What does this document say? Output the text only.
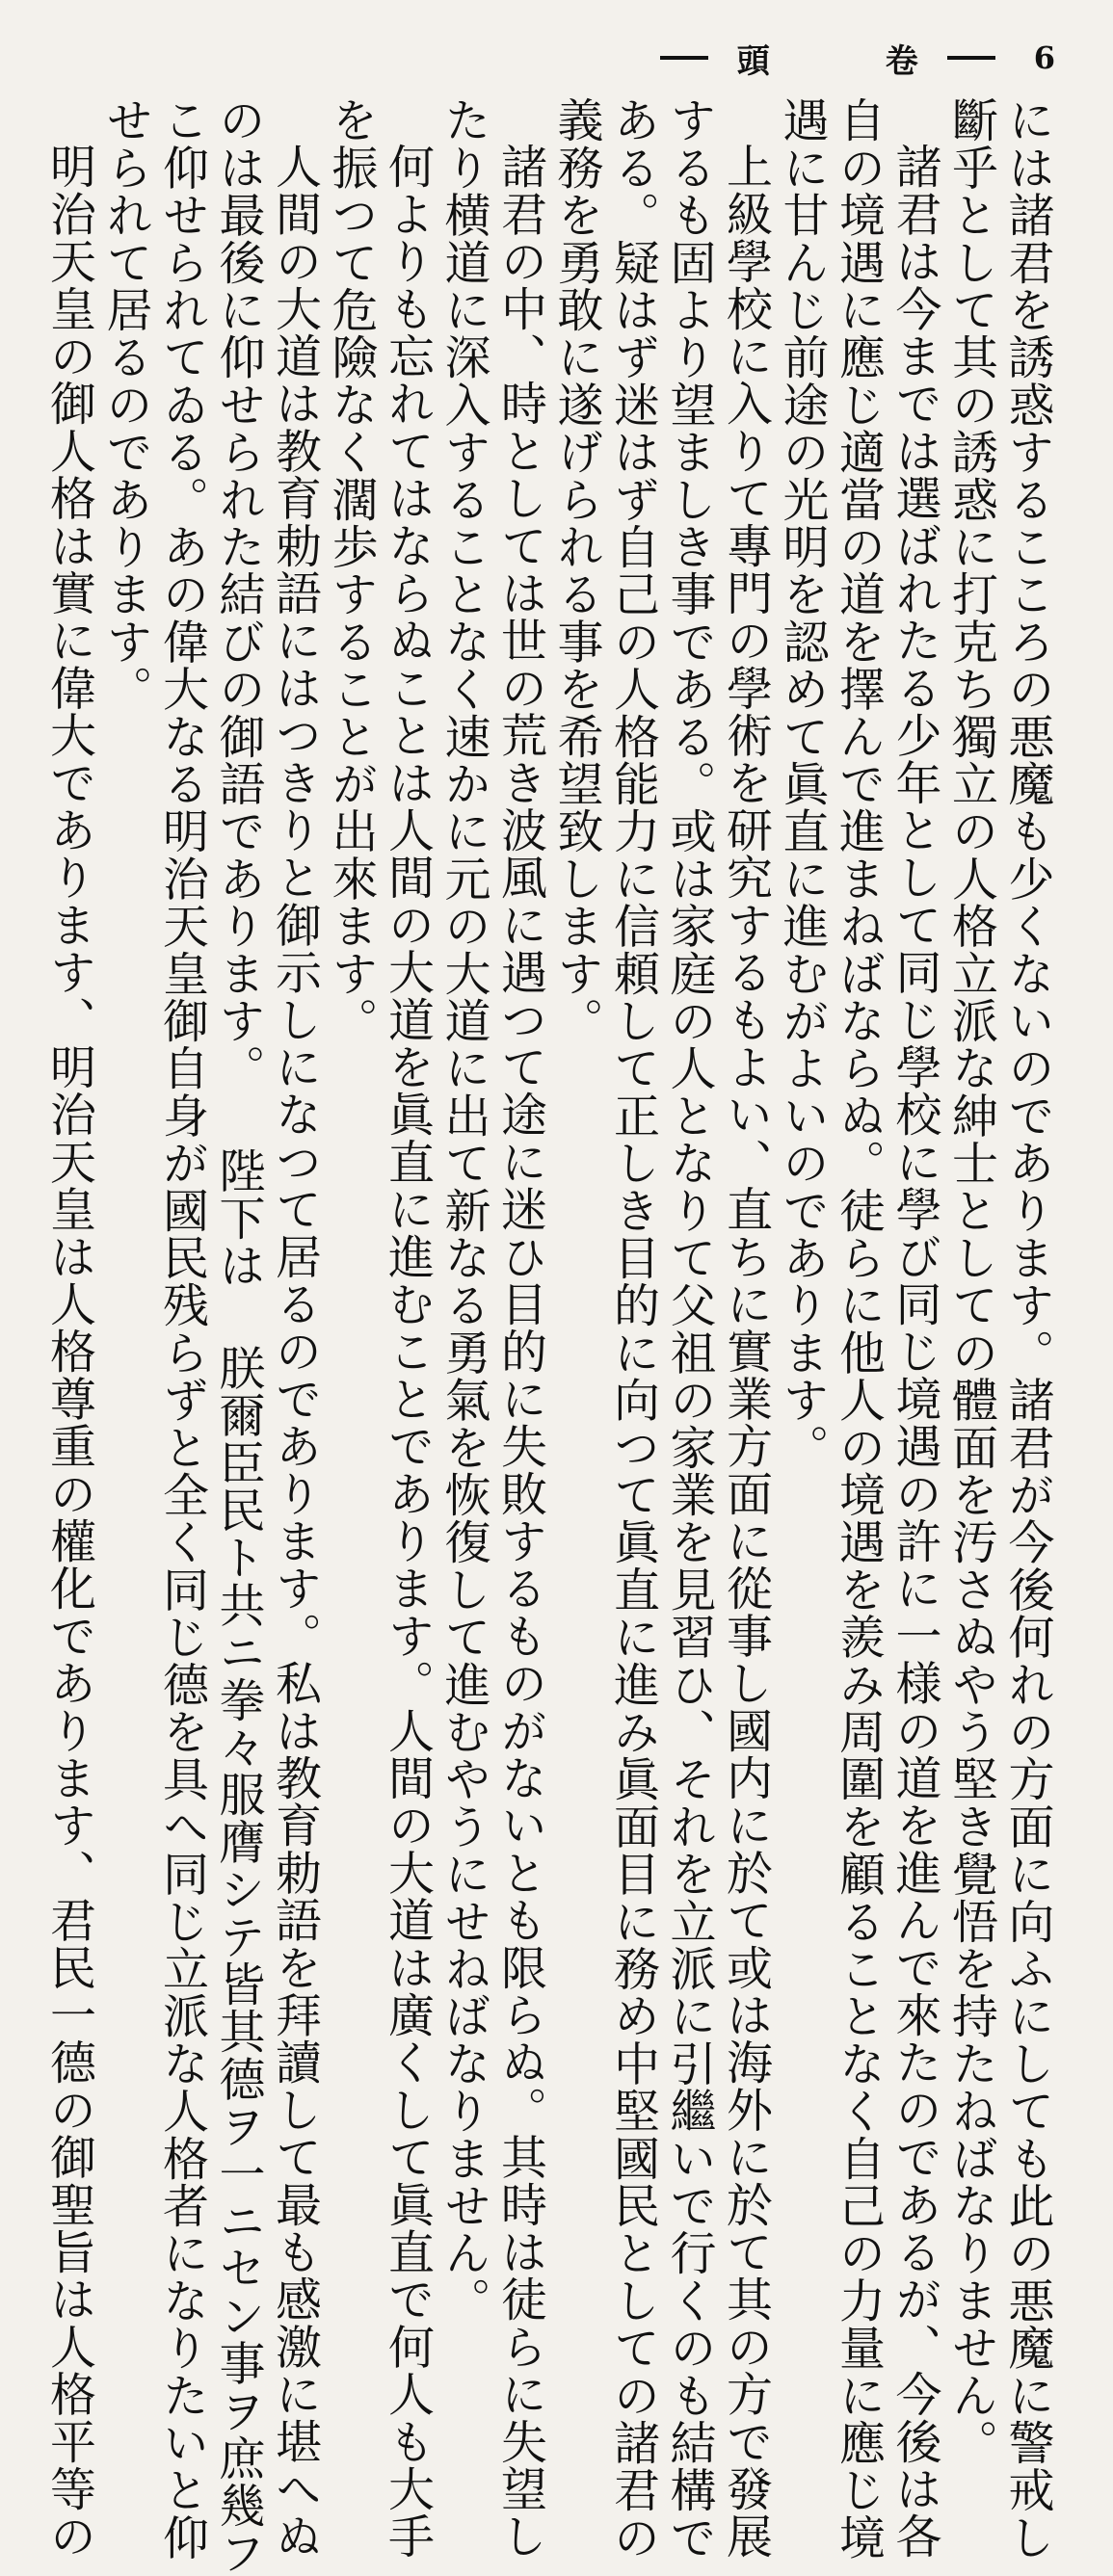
頭	卷	6
には諸君を誘惑するこころの悪魔も少くないのであります。諸君が今後何れの方面に向ふにしても此の悪魔に警戒し
斷乎として其の誘惑に打克ち獨立の人格立派な紳士としての體面を汚さぬやう堅き覺悟を持たねばなりません。
諸君は今までは選ばれたる少年として同じ學校に學び同じ境遇の許に一様の道を進んで來たのであるが、今後は各
自の境遇に應じ適當の道を擇んで進まねばならぬ。徒らに他人の境遇を羨み周圍を顧ることなく自己の力量に應じ境
遇に甘んじ前途の光明を認めて眞直に進むがよいのであります。
上級學校に入りて專門の學術を研究するもよい、直ちに實業方面に從事し國内に於て或は海外に於て其の方で發展
するも固より望ましき事である。或は家庭の人となりて父祖の家業を見習ひ、それを立派に引繼いで行くのも結構で
ある。疑はず迷はず自己の人格能力に信頼して正しき目的に向つて眞直に進み眞面目に務め中堅國民としての諸君の
義務を勇敢に遂げられる事を希望致します。
諸君の中、時としては世の荒き波風に遇つて途に迷ひ目的に失敗するものがないとも限らぬ。其時は徒らに失望し
たり横道に深入することなく速かに元の大道に出て新なる勇氣を恢復して進むやうにせねばなりません。
何よりも忘れてはならぬことは人間の大道を眞直に進むことであります。人間の大道は廣くして眞直で何人も大手
を振つて危險なく濶歩することが出來ます。
人間の大道は教育勅語にはつきりと御示しになつて居るのであります。私は教育勅語を拜讀して最も感激に堪へぬ
のは最後に仰せられた結びの御語であります。 陛下は 朕爾臣民ト共ニ拳々服膺シテ皆其德ヲ一ニセン事ヲ庶幾フ
こ仰せられてゐる。あの偉大なる明治天皇御自身が國民残らずと全く同じ德を具へ同じ立派な人格者になりたいと仰
せられて居るのであります。
明治天皇の御人格は實に偉大であります、明治天皇は人格尊重の權化であります、君民一德の御聖旨は人格平等の
